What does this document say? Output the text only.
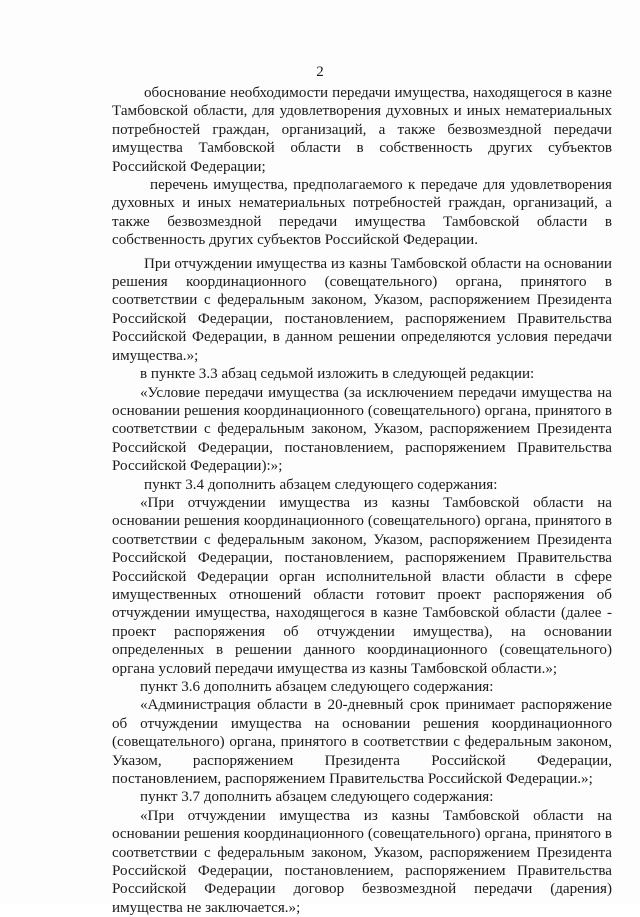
2

обоснование необходимости передачи имущества, находящегося в казне Тамбовской области, для удовлетворения духовных и иных нематериальных потребностей граждан, организаций, а также безвозмездной передачи имущества Тамбовской области в собственность других субъектов Российской Федерации;

перечень имущества, предполагаемого к передаче для удовлетворения духовных и иных нематериальных потребностей граждан, организаций, а также безвозмездной передачи имущества Тамбовской области в собственность других субъектов Российской Федерации.

При отчуждении имущества из казны Тамбовской области на основании решения координационного (совещательного) органа, принятого в соответствии с федеральным законом, Указом, распоряжением Президента Российской Федерации, постановлением, распоряжением Правительства Российской Федерации, в данном решении определяются условия передачи имущества.»;

в пункте 3.3 абзац седьмой изложить в следующей редакции:

«Условие передачи имущества (за исключением передачи имущества на основании решения координационного (совещательного) органа, принятого в соответствии с федеральным законом, Указом, распоряжением Президента Российской Федерации, постановлением, распоряжением Правительства Российской Федерации):»;

пункт 3.4 дополнить абзацем следующего содержания:

«При отчуждении имущества из казны Тамбовской области на основании решения координационного (совещательного) органа, принятого в соответствии с федеральным законом, Указом, распоряжением Президента Российской Федерации, постановлением, распоряжением Правительства Российской Федерации орган исполнительной власти области в сфере имущественных отношений области готовит проект распоряжения об отчуждении имущества, находящегося в казне Тамбовской области (далее - проект распоряжения об отчуждении имущества), на основании определенных в решении данного координационного (совещательного) органа условий передачи имущества из казны Тамбовской области.»;

пункт 3.6 дополнить абзацем следующего содержания:

«Администрация области в 20-дневный срок принимает распоряжение об отчуждении имущества на основании решения координационного (совещательного) органа, принятого в соответствии с федеральным законом, Указом, распоряжением Президента Российской Федерации, постановлением, распоряжением Правительства Российской Федерации.»;

пункт 3.7 дополнить абзацем следующего содержания:

«При отчуждении имущества из казны Тамбовской области на основании решения координационного (совещательного) органа, принятого в соответствии с федеральным законом, Указом, распоряжением Президента Российской Федерации, постановлением, распоряжением Правительства Российской Федерации договор безвозмездной передачи (дарения) имущества не заключается.»;
